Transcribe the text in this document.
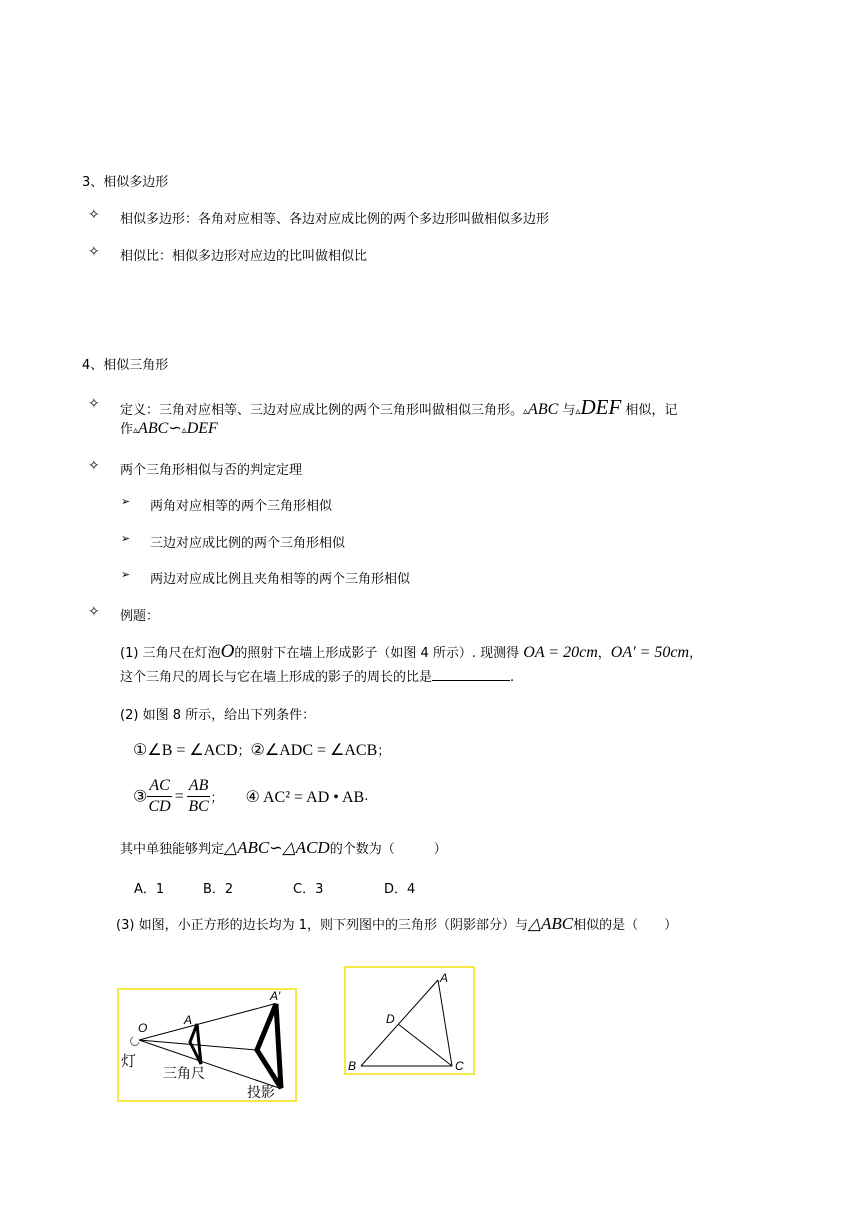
3、相似多边形
✧ 相似多边形：各角对应相等、各边对应成比例的两个多边形叫做相似多边形
✧ 相似比：相似多边形对应边的比叫做相似比
4、相似三角形
✧ 定义：三角对应相等、三边对应成比例的两个三角形叫做相似三角形。▵ABC 与▵DEF 相似，记
作▵ABC∽▵DEF
✧ 两个三角形相似与否的判定定理
➢ 两角对应相等的两个三角形相似
➢ 三边对应成比例的两个三角形相似
➢ 两边对应成比例且夹角相等的两个三角形相似
✧ 例题：
(1) 三角尺在灯泡O的照射下在墙上形成影子（如图 4 所示）. 现测得 OA = 20cm，OA′ = 50cm，
这个三角尺的周长与它在墙上形成的影子的周长的比是	.
(2) 如图 8 所示，给出下列条件：
①∠B = ∠ACD；②∠ADC = ∠ACB；
③ $\frac{AC}{CD} = \frac{AB}{BC}$ ； ④ AC² = AD • AB.
其中单独能够判定△ABC∽△ACD的个数为（　　　）
A．1	B．2	C．3	D．4
(3) 如图，小正方形的边长均为 1，则下列图中的三角形（阴影部分）与△ABC相似的是（　　）
A′
O
A
灯
三角尺
投影
A
D
B	C
